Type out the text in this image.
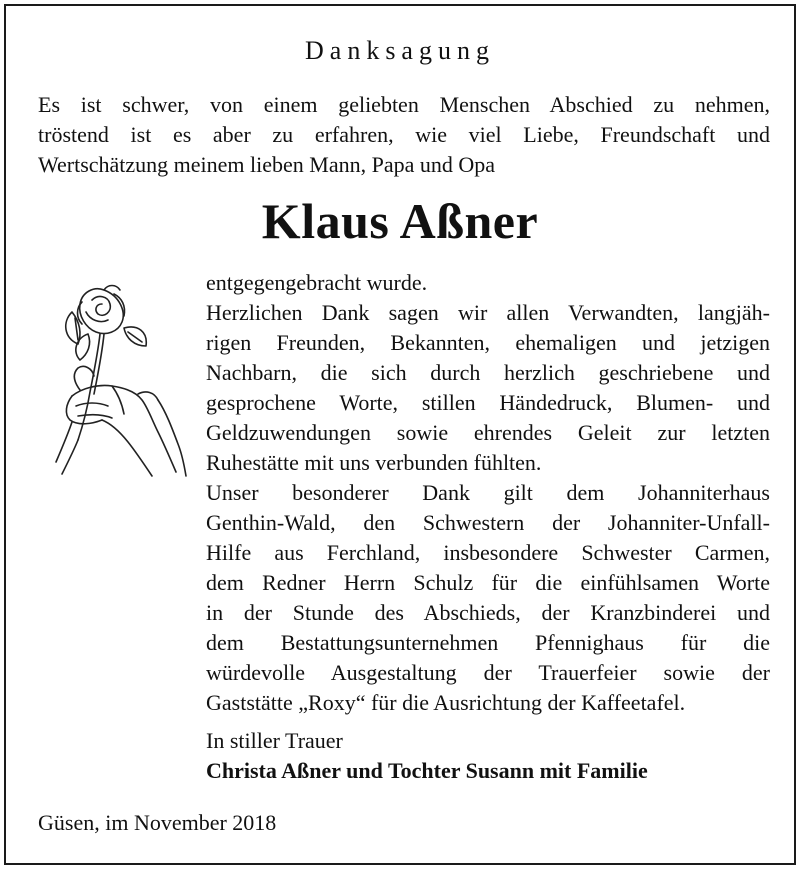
Danksagung
Es ist schwer, von einem geliebten Menschen Abschied zu nehmen,
tröstend ist es aber zu erfahren, wie viel Liebe, Freundschaft und
Wertschätzung meinem lieben Mann, Papa und Opa
Klaus Aßner
entgegengebracht wurde.
Herzlichen Dank sagen wir allen Verwandten, langjäh-
rigen Freunden, Bekannten, ehemaligen und jetzigen
Nachbarn, die sich durch herzlich geschriebene und
gesprochene Worte, stillen Händedruck, Blumen- und
Geldzuwendungen sowie ehrendes Geleit zur letzten
Ruhestätte mit uns verbunden fühlten.
Unser besonderer Dank gilt dem Johanniterhaus
Genthin-Wald, den Schwestern der Johanniter-Unfall-
Hilfe aus Ferchland, insbesondere Schwester Carmen,
dem Redner Herrn Schulz für die einfühlsamen Worte
in der Stunde des Abschieds, der Kranzbinderei und
dem Bestattungsunternehmen Pfennighaus für die
würdevolle Ausgestaltung der Trauerfeier sowie der
Gaststätte „Roxy“ für die Ausrichtung der Kaffeetafel.
In stiller Trauer
Christa Aßner und Tochter Susann mit Familie
Güsen, im November 2018
